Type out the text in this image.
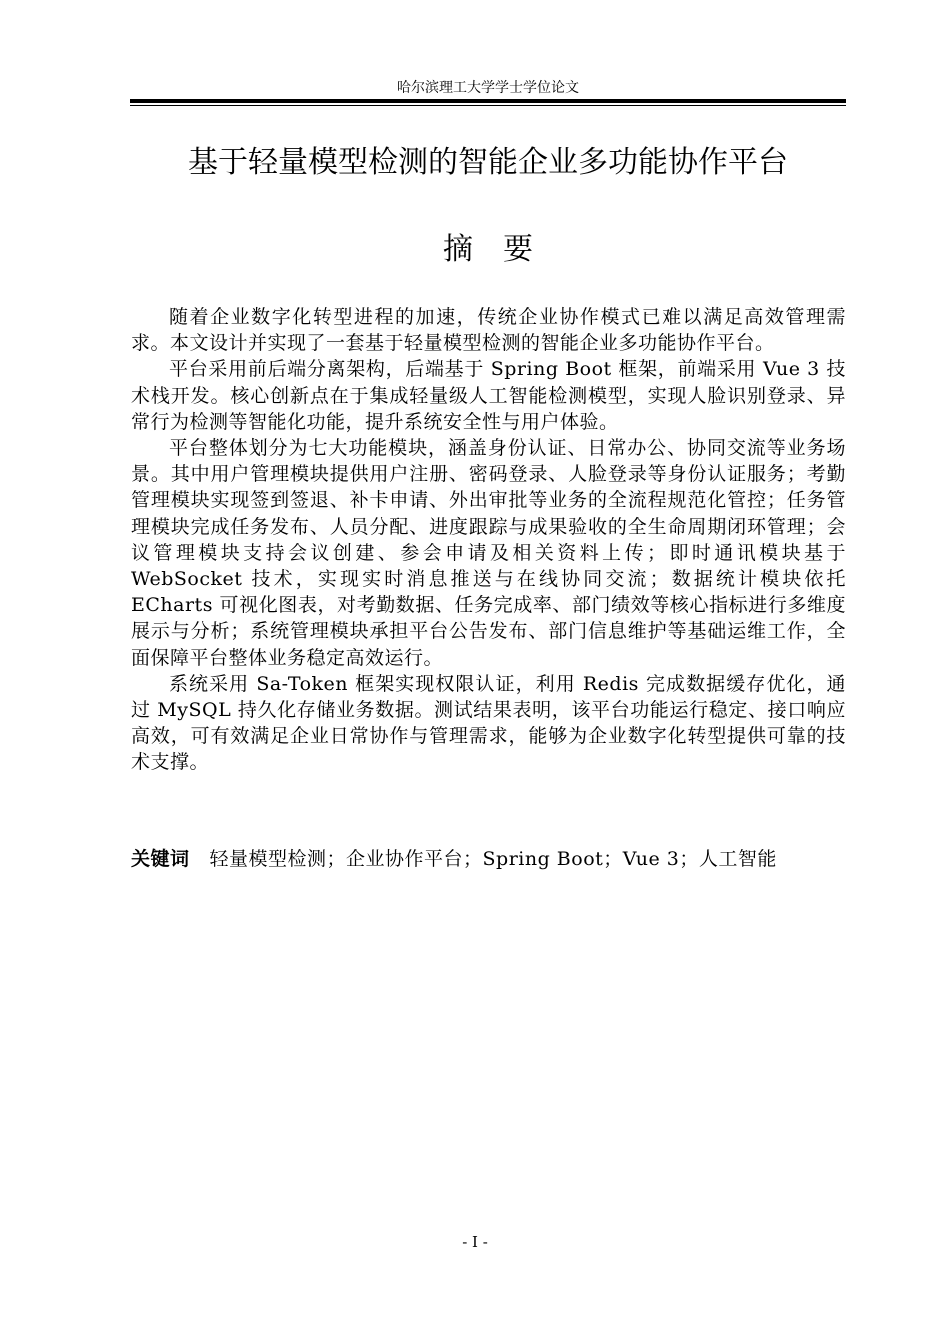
哈尔滨理工大学学士学位论文
基于轻量模型检测的智能企业多功能协作平台
摘要

随着企业数字化转型进程的加速，传统企业协作模式已难以满足高效管理需求。本文设计并实现了一套基于轻量模型检测的智能企业多功能协作平台。

平台采用前后端分离架构，后端基于 Spring Boot 框架，前端采用 Vue 3 技术栈开发。核心创新点在于集成轻量级人工智能检测模型，实现人脸识别登录、异常行为检测等智能化功能，提升系统安全性与用户体验。

平台整体划分为七大功能模块，涵盖身份认证、日常办公、协同交流等业务场景。其中用户管理模块提供用户注册、密码登录、人脸登录等身份认证服务；考勤管理模块实现签到签退、补卡申请、外出审批等业务的全流程规范化管控；任务管理模块完成任务发布、人员分配、进度跟踪与成果验收的全生命周期闭环管理；会议管理模块支持会议创建、参会申请及相关资料上传；即时通讯模块基于 WebSocket 技术，实现实时消息推送与在线协同交流；数据统计模块依托 ECharts 可视化图表，对考勤数据、任务完成率、部门绩效等核心指标进行多维度展示与分析；系统管理模块承担平台公告发布、部门信息维护等基础运维工作，全面保障平台整体业务稳定高效运行。

系统采用 Sa-Token 框架实现权限认证，利用 Redis 完成数据缓存优化，通过 MySQL 持久化存储业务数据。测试结果表明，该平台功能运行稳定、接口响应高效，可有效满足企业日常协作与管理需求，能够为企业数字化转型提供可靠的技术支撑。

关键词 轻量模型检测；企业协作平台；Spring Boot；Vue 3；人工智能
- I -
